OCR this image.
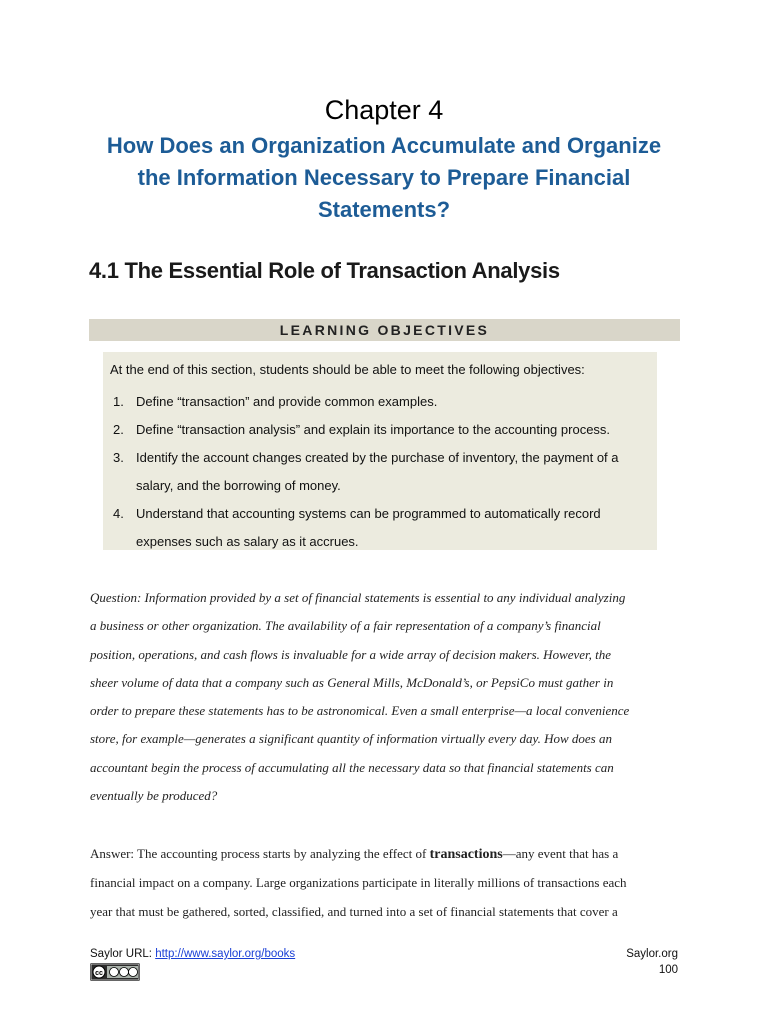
Chapter 4
How Does an Organization Accumulate and Organize
the Information Necessary to Prepare Financial
Statements?
4.1 The Essential Role of Transaction Analysis
LEARNING OBJECTIVES
At the end of this section, students should be able to meet the following objectives:
1. Define “transaction” and provide common examples.
2. Define “transaction analysis” and explain its importance to the accounting process.
3. Identify the account changes created by the purchase of inventory, the payment of a
salary, and the borrowing of money.
4. Understand that accounting systems can be programmed to automatically record
expenses such as salary as it accrues.
Question: Information provided by a set of financial statements is essential to any individual analyzing
a business or other organization. The availability of a fair representation of a company’s financial
position, operations, and cash flows is invaluable for a wide array of decision makers. However, the
sheer volume of data that a company such as General Mills, McDonald’s, or PepsiCo must gather in
order to prepare these statements has to be astronomical. Even a small enterprise—a local convenience
store, for example—generates a significant quantity of information virtually every day. How does an
accountant begin the process of accumulating all the necessary data so that financial statements can
eventually be produced?
Answer: The accounting process starts by analyzing the effect of transactions—any event that has a
financial impact on a company. Large organizations participate in literally millions of transactions each
year that must be gathered, sorted, classified, and turned into a set of financial statements that cover a
Saylor URL: http://www.saylor.org/books
cc
Saylor.org
100
